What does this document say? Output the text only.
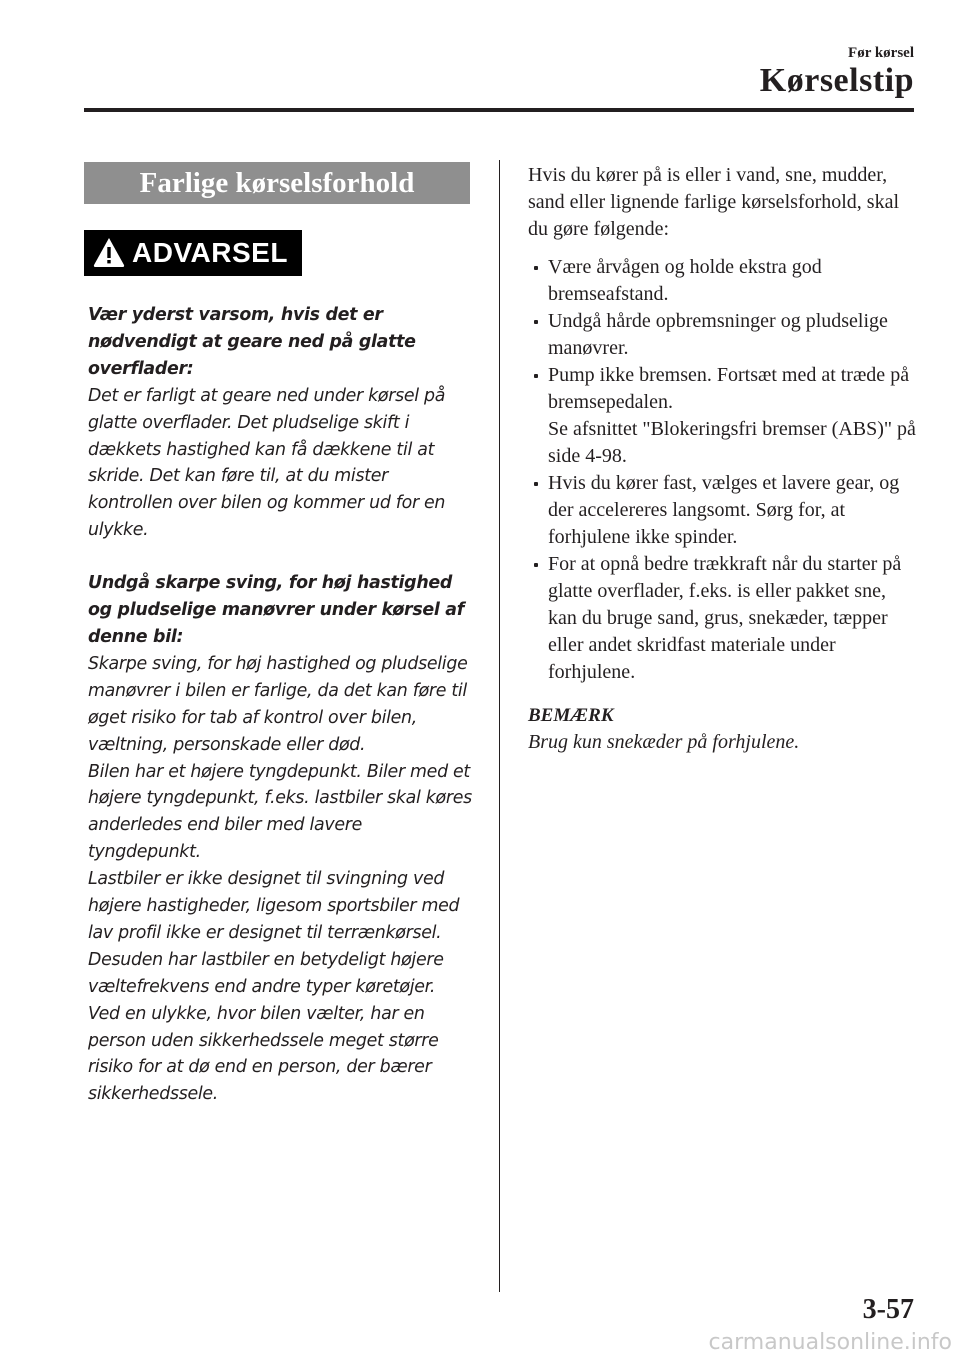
Før kørsel
Kørselstip
Farlige kørselsforhold
ADVARSEL

Vær yderst varsom, hvis det er nødvendigt at geare ned på glatte overflader:

Det er farligt at geare ned under kørsel på glatte overflader. Det pludselige skift i dækkets hastighed kan få dækkene til at skride. Det kan føre til, at du mister kontrollen over bilen og kommer ud for en ulykke.

Undgå skarpe sving, for høj hastighed og pludselige manøvrer under kørsel af denne bil:

Skarpe sving, for høj hastighed og pludselige manøvrer i bilen er farlige, da det kan føre til øget risiko for tab af kontrol over bilen, væltning, personskade eller død.

Bilen har et højere tyngdepunkt. Biler med et højere tyngdepunkt, f.eks. lastbiler skal køres anderledes end biler med lavere tyngdepunkt.

Lastbiler er ikke designet til svingning ved højere hastigheder, ligesom sportsbiler med lav profil ikke er designet til terrænkørsel.

Desuden har lastbiler en betydeligt højere væltefrekvens end andre typer køretøjer. Ved en ulykke, hvor bilen vælter, har en person uden sikkerhedssele meget større risiko for at dø end en person, der bærer sikkerhedssele.

Hvis du kører på is eller i vand, sne, mudder, sand eller lignende farlige kørselsforhold, skal du gøre følgende:

Være årvågen og holde ekstra god bremseafstand.
Undgå hårde opbremsninger og pludselige manøvrer.
Pump ikke bremsen. Fortsæt med at træde på bremsepedalen.
Se afsnittet "Blokeringsfri bremser (ABS)" på side 4-98.
Hvis du kører fast, vælges et lavere gear, og der accelereres langsomt. Sørg for, at forhjulene ikke spinder.
For at opnå bedre trækkraft når du starter på glatte overflader, f.eks. is eller pakket sne, kan du bruge sand, grus, snekæder, tæpper eller andet skridfast materiale under forhjulene.

BEMÆRK

Brug kun snekæder på forhjulene.

3-57
carmanualsonline.info
